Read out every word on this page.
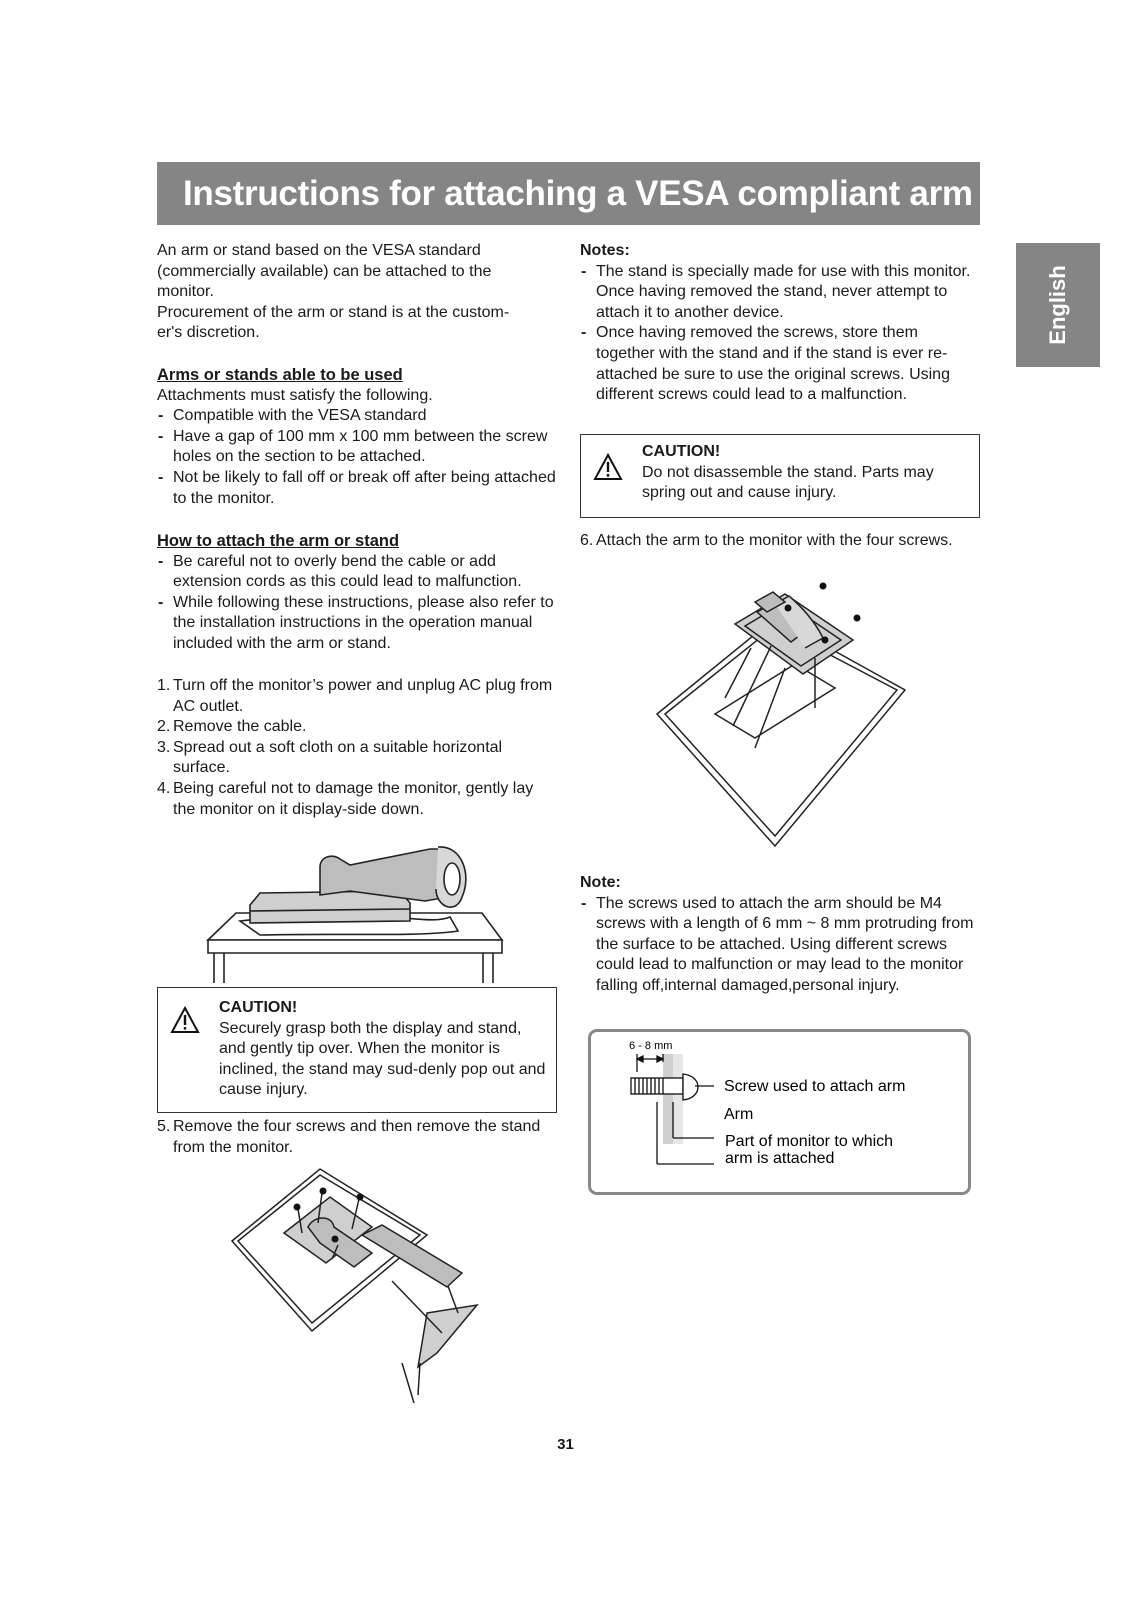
Instructions for attaching a VESA compliant arm
English
An arm or stand based on the VESA standard
(commercially available) can be attached to the
monitor.
Procurement of the arm or stand is at the custom-
er's discretion.
Arms or stands able to be used
Attachments must satisfy the following.
- Compatible with the VESA standard
- Have a gap of 100 mm x 100 mm between the screw holes on the section to be attached.
- Not be likely to fall off or break off after being attached to the monitor.
How to attach the arm or stand
- Be careful not to overly bend the cable or add extension cords as this could lead to malfunction.
- While following these instructions, please also refer to the installation instructions in the operation manual included with the arm or stand.
1. Turn off the monitor’s power and unplug AC plug from AC outlet.
2. Remove the cable.
3. Spread out a soft cloth on a suitable horizontal surface.
4. Being careful not to damage the monitor, gently lay the monitor on it display-side down.
CAUTION!
Securely grasp both the display and stand, and gently tip over. When the monitor is inclined, the stand may sud-denly pop out and cause injury.
5. Remove the four screws and then remove the stand from the monitor.
Notes:
- The stand is specially made for use with this monitor. Once having removed the stand, never attempt to attach it to another device.
- Once having removed the screws, store them together with the stand and if the stand is ever re-attached be sure to use the original screws. Using different screws could lead to a malfunction.
CAUTION!
Do not disassemble the stand. Parts may spring out and cause injury.
6. Attach the arm to the monitor with the four screws.
Note:
- The screws used to attach the arm should be M4 screws with a length of 6 mm ~ 8 mm protruding from the surface to be attached. Using different screws could lead to malfunction or may lead to the monitor falling off,internal damaged,personal injury.
6 - 8 mm
Screw used to attach arm
Arm
Part of monitor to which
arm is attached
31
